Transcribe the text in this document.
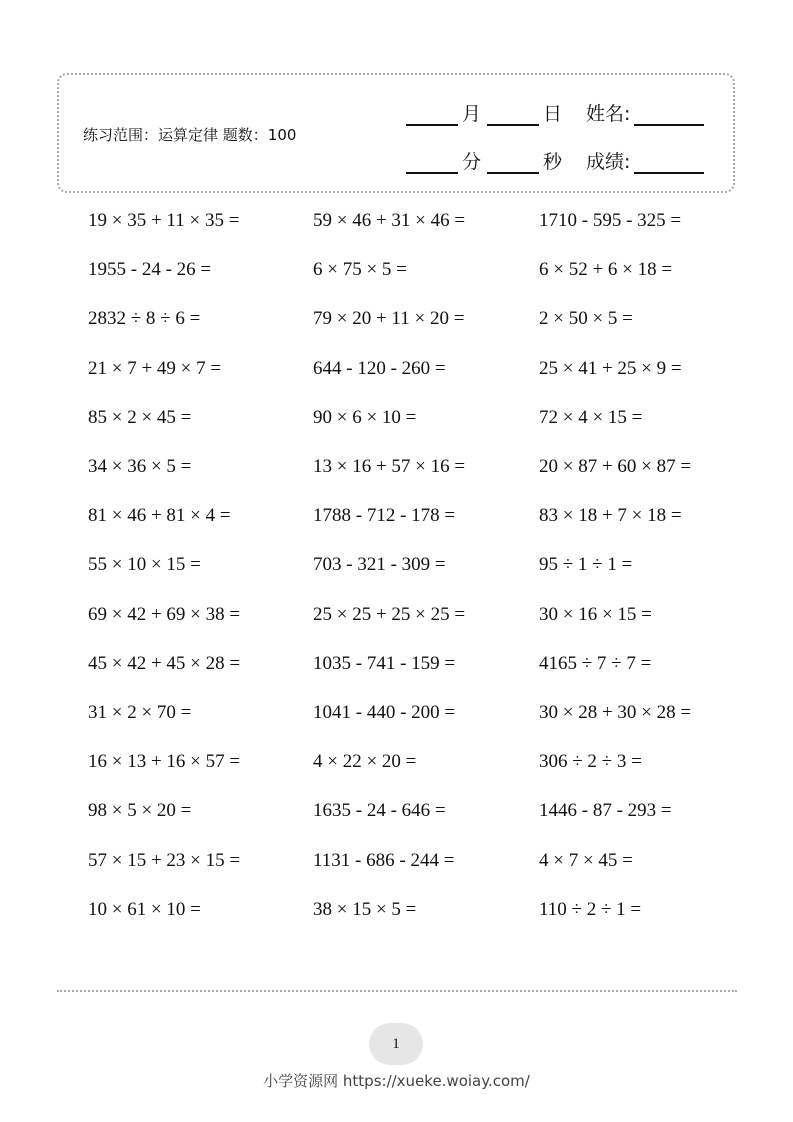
练习范围：运算定律 题数：100
月	日 姓名:
分	秒 成绩:
19 × 35 + 11 × 35 =	59 × 46 + 31 × 46 =	1710 - 595 - 325 =
1955 - 24 - 26 =	6 × 75 × 5 =	6 × 52 + 6 × 18 =
2832 ÷ 8 ÷ 6 =	79 × 20 + 11 × 20 =	2 × 50 × 5 =
21 × 7 + 49 × 7 =	644 - 120 - 260 =	25 × 41 + 25 × 9 =
85 × 2 × 45 =	90 × 6 × 10 =	72 × 4 × 15 =
34 × 36 × 5 =	13 × 16 + 57 × 16 =	20 × 87 + 60 × 87 =
81 × 46 + 81 × 4 =	1788 - 712 - 178 =	83 × 18 + 7 × 18 =
55 × 10 × 15 =	703 - 321 - 309 =	95 ÷ 1 ÷ 1 =
69 × 42 + 69 × 38 =	25 × 25 + 25 × 25 =	30 × 16 × 15 =
45 × 42 + 45 × 28 =	1035 - 741 - 159 =	4165 ÷ 7 ÷ 7 =
31 × 2 × 70 =	1041 - 440 - 200 =	30 × 28 + 30 × 28 =
16 × 13 + 16 × 57 =	4 × 22 × 20 =	306 ÷ 2 ÷ 3 =
98 × 5 × 20 =	1635 - 24 - 646 =	1446 - 87 - 293 =
57 × 15 + 23 × 15 =	1131 - 686 - 244 =	4 × 7 × 45 =
10 × 61 × 10 =	38 × 15 × 5 =	110 ÷ 2 ÷ 1 =
1
小学资源网 https://xueke.woiay.com/
